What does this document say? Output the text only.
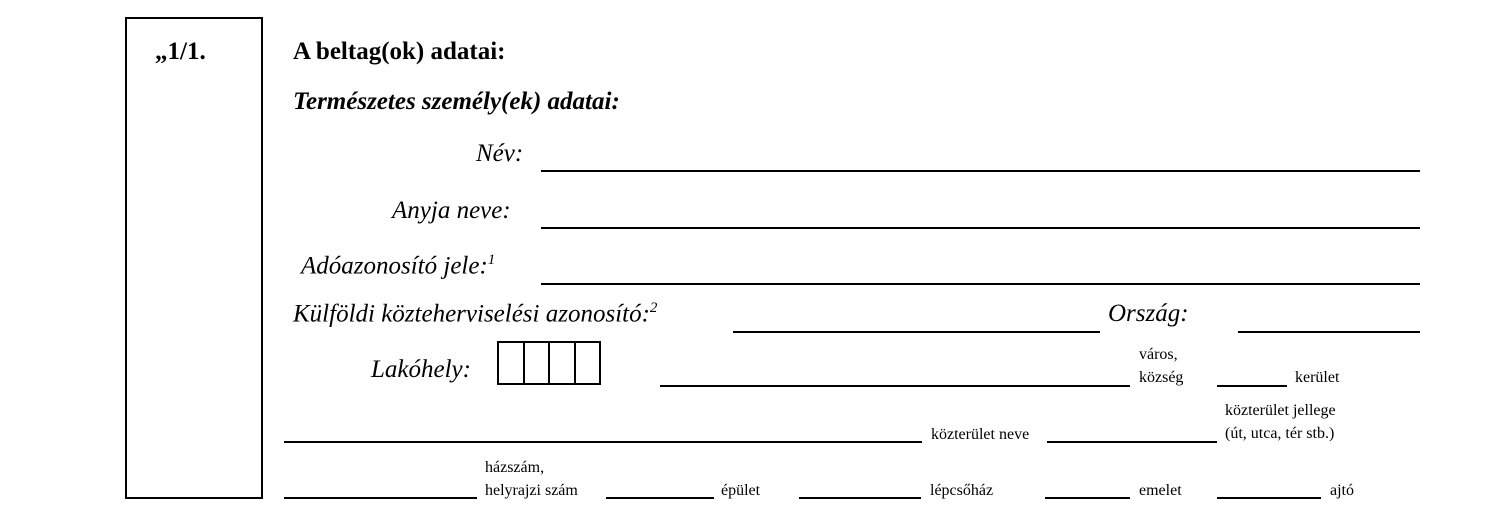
„1/1.	A beltag(ok) adatai:
Természetes személy(ek) adatai:
Név:
Anyja neve:
Adóazonosító jele:$^1$
Külföldi közteherviselési azonosító:$^2$	Ország:
Lakóhely:
város,
község	kerület
közterület neve
közterület jellege
(út, utca, tér stb.)
házszám,
helyrajzi szám	épület	lépcsőház	emelet	ajtó
